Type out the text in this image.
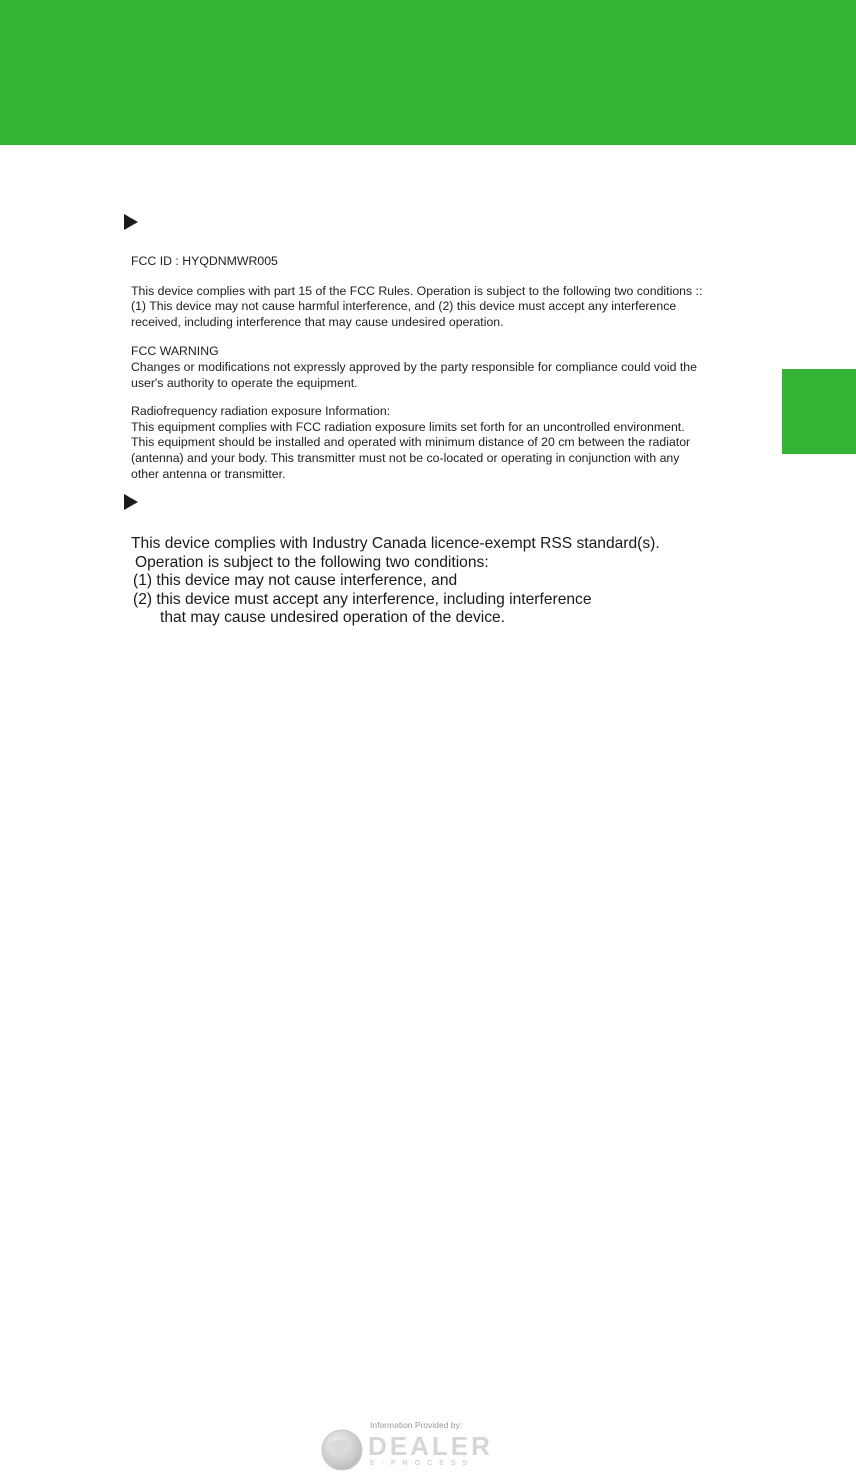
FCC ID : HYQDNMWR005

This device complies with part 15 of the FCC Rules. Operation is subject to the following two conditions ::

(1) This device may not cause harmful interference, and (2) this device must accept any interference

received, including interference that may cause undesired operation.

FCC WARNING

Changes or modifications not expressly approved by the party responsible for compliance could void the

user's authority to operate the equipment.

Radiofrequency radiation exposure Information:

This equipment complies with FCC radiation exposure limits set forth for an uncontrolled environment.

This equipment should be installed and operated with minimum distance of 20 cm between the radiator

(antenna) and your body. This transmitter must not be co-located or operating in conjunction with any

other antenna or transmitter.

This device complies with Industry Canada licence-exempt RSS standard(s).

Operation is subject to the following two conditions:

(1) this device may not cause interference, and

(2) this device must accept any interference, including interference

that may cause undesired operation of the device.

DEALER
E-PROCESS
Information Provided by:
